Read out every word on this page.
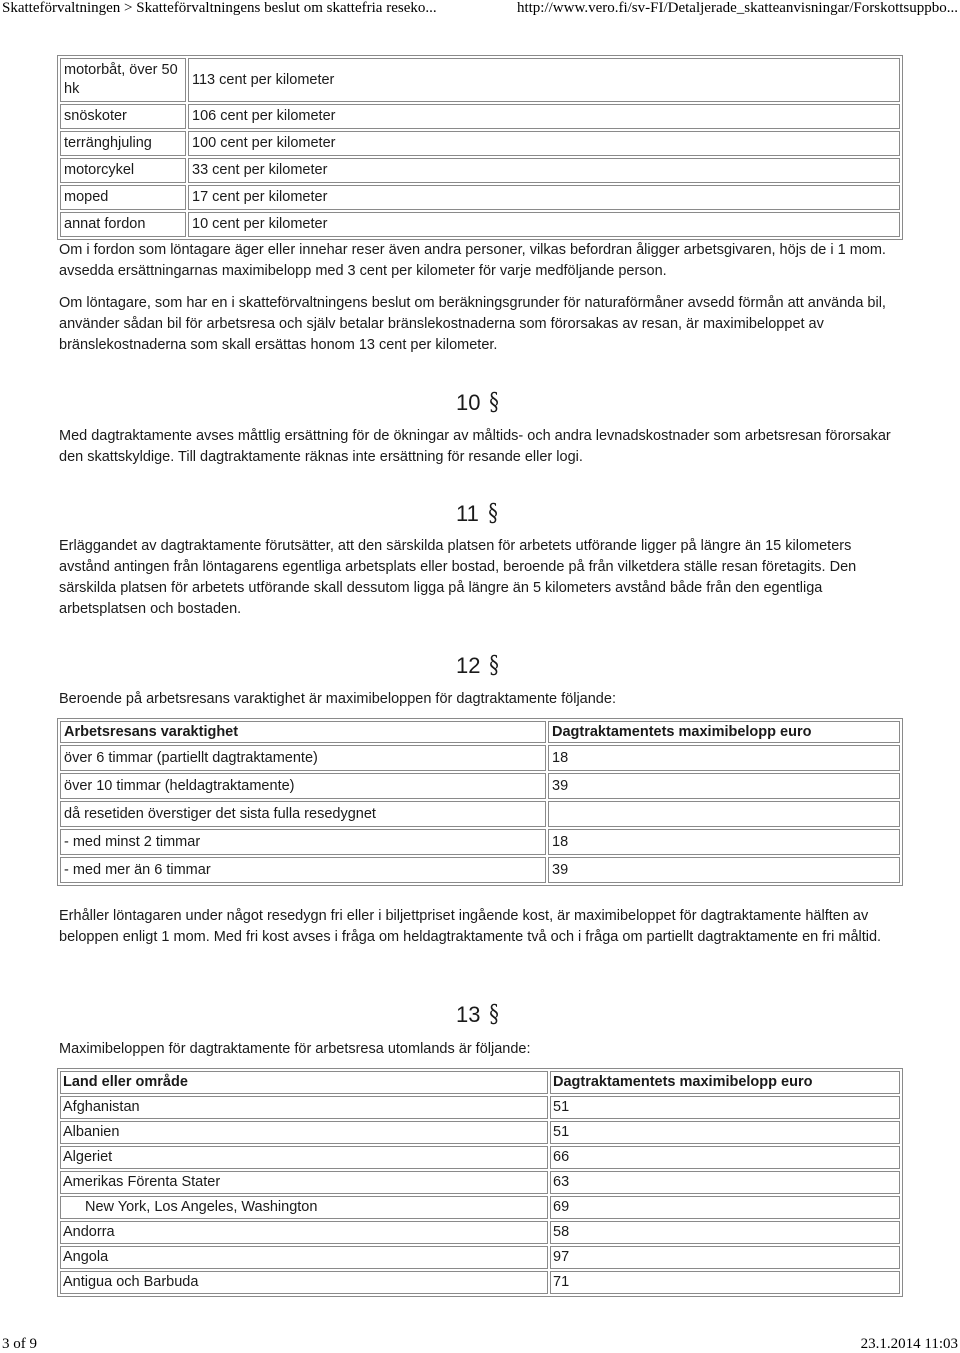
Skatteförvaltningen > Skatteförvaltningens beslut om skattefria reseko...	http://www.vero.fi/sv-FI/Detaljerade_skatteanvisningar/Forskottsuppbo...
motorbåt, över 50 hk	113 cent per kilometer
snöskoter	106 cent per kilometer
terränghjuling	100 cent per kilometer
motorcykel	33 cent per kilometer
moped	17 cent per kilometer
annat fordon	10 cent per kilometer

Om i fordon som löntagare äger eller innehar reser även andra personer, vilkas befordran åligger arbetsgivaren, höjs de i 1 mom. avsedda ersättningarnas maximibelopp med 3 cent per kilometer för varje medföljande person.

Om löntagare, som har en i skatteförvaltningens beslut om beräkningsgrunder för naturaförmåner avsedd förmån att använda bil, använder sådan bil för arbetsresa och själv betalar bränslekostnaderna som förorsakas av resan, är maximibeloppet av bränslekostnaderna som skall ersättas honom 13 cent per kilometer.

10 §

Med dagtraktamente avses måttlig ersättning för de ökningar av måltids- och andra levnadskostnader som arbetsresan förorsakar den skattskyldige. Till dagtraktamente räknas inte ersättning för resande eller logi.

11 §

Erläggandet av dagtraktamente förutsätter, att den särskilda platsen för arbetets utförande ligger på längre än 15 kilometers avstånd antingen från löntagarens egentliga arbetsplats eller bostad, beroende på från vilketdera ställe resan företagits. Den särskilda platsen för arbetets utförande skall dessutom ligga på längre än 5 kilometers avstånd både från den egentliga arbetsplatsen och bostaden.

12 §

Beroende på arbetsresans varaktighet är maximibeloppen för dagtraktamente följande:

Arbetsresans varaktighet	Dagtraktamentets maximibelopp euro
över 6 timmar (partiellt dagtraktamente)	18
över 10 timmar (heldagtraktamente)	39
då resetiden överstiger det sista fulla resedygnet	
- med minst 2 timmar	18
- med mer än 6 timmar	39

Erhåller löntagaren under något resedygn fri eller i biljettpriset ingående kost, är maximibeloppet för dagtraktamente hälften av beloppen enligt 1 mom. Med fri kost avses i fråga om heldagtraktamente två och i fråga om partiellt dagtraktamente en fri måltid.

13 §

Maximibeloppen för dagtraktamente för arbetsresa utomlands är följande:

Land eller område	Dagtraktamentets maximibelopp euro
Afghanistan	51
Albanien	51
Algeriet	66
Amerikas Förenta Stater	63
New York, Los Angeles, Washington	69
Andorra	58
Angola	97
Antigua och Barbuda	71
3 of 9	23.1.2014 11:03
